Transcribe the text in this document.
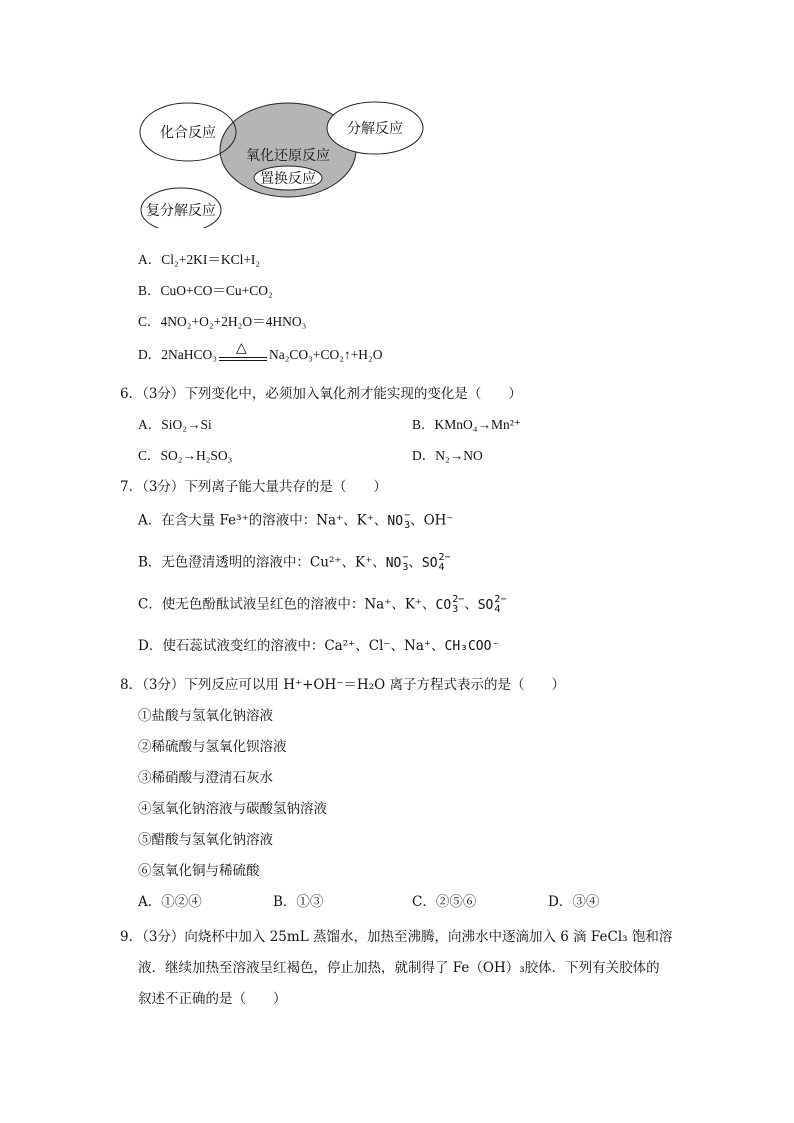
化合反应
氧化还原反应
分解反应
置换反应
复分解反应
A．Cl₂+2KI＝KCl+I₂
B．CuO+CO＝Cu+CO₂
C．4NO₂+O₂+2H₂O＝4HNO₃
D．2NaHCO₃ △ Na₂CO₃+CO₂↑+H₂O
6．（3分）下列变化中，必须加入氧化剂才能实现的变化是（　　）
A．SiO₂→Si	B．KMnO₄→Mn²⁺
C．SO₂→H₂SO₃	D．N₂→NO
7．（3分）下列离子能大量共存的是（　　）
A．在含大量 Fe³⁺的溶液中：Na⁺、K⁺、NO−
3、OH⁻
B．无色澄清透明的溶液中：Cu²⁺、K⁺、NO−
3、SO2−
4
C．使无色酚酞试液呈红色的溶液中：Na⁺、K⁺、CO2−
3 、SO2−
4
D．使石蕊试液变红的溶液中：Ca²⁺、Cl⁻、Na⁺、CH₃COO⁻
8．（3分）下列反应可以用 H⁺+OH⁻＝H₂O 离子方程式表示的是（　　）
①盐酸与氢氧化钠溶液
②稀硫酸与氢氧化钡溶液
③稀硝酸与澄清石灰水
④氢氧化钠溶液与碳酸氢钠溶液
⑤醋酸与氢氧化钠溶液
⑥氢氧化铜与稀硫酸
A．①②④	B．①③	C．②⑤⑥	D．③④
9．（3分）向烧杯中加入 25mL 蒸馏水，加热至沸腾，向沸水中逐滴加入 6 滴 FeCl₃ 饱和溶
液．继续加热至溶液呈红褐色，停止加热，就制得了 Fe（OH）₃胶体．下列有关胶体的
叙述不正确的是（　　）
